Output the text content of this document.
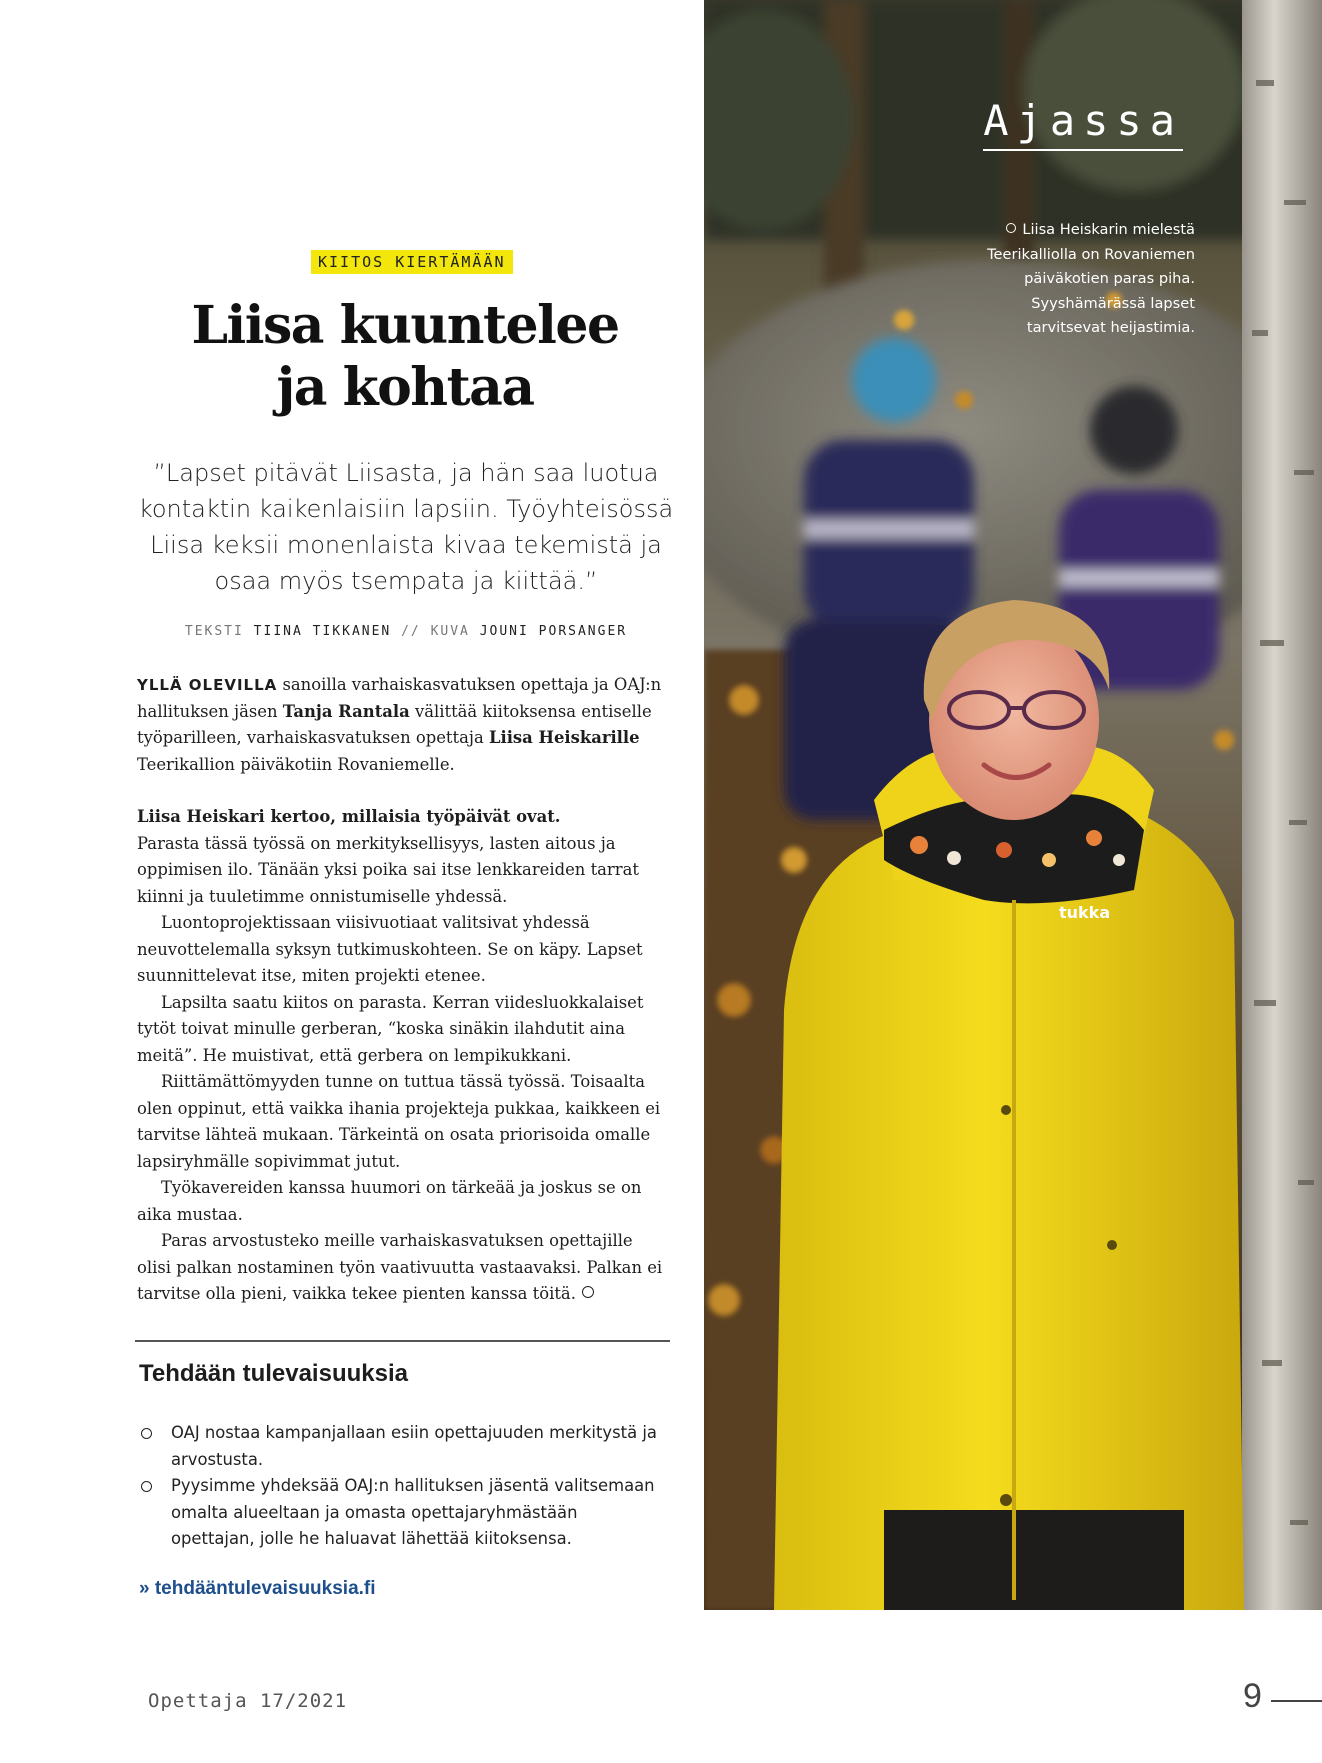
KIITOS KIERTÄMÄÄN
Liisa kuuntelee
ja kohtaa

”Lapset pitävät Liisasta, ja hän saa luotua kontaktin kaikenlaisiin lapsiin. Työyhteisössä Liisa keksii monenlaista kivaa tekemistä ja osaa myös tsempata ja kiittää.”

TEKSTI TIINA TIKKANEN // KUVA JOUNI PORSANGER

YLLÄ OLEVILLA sanoilla varhaiskasvatuksen opettaja ja OAJ:n hallituksen jäsen Tanja Rantala välittää kiitoksensa entiselle työparilleen, varhaiskasvatuksen opettaja Liisa Heiskarille Teerikallion päiväkotiin Rovaniemelle.

Liisa Heiskari kertoo, millaisia työpäivät ovat.

Parasta tässä työssä on merkityksellisyys, lasten aitous ja oppimisen ilo. Tänään yksi poika sai itse lenkkareiden tarrat kiinni ja tuuletimme onnistumiselle yhdessä.

Luontoprojektissaan viisivuotiaat valitsivat yhdessä neuvottelemalla syksyn tutkimuskohteen. Se on käpy. Lapset suunnittelevat itse, miten projekti etenee.

Lapsilta saatu kiitos on parasta. Kerran viidesluokkalaiset tytöt toivat minulle gerberan, “koska sinäkin ilahdutit aina meitä”. He muistivat, että gerbera on lempikukkani.

Riittämättömyyden tunne on tuttua tässä työssä. Toisaalta olen oppinut, että vaikka ihania projekteja pukkaa, kaikkeen ei tarvitse lähteä mukaan. Tärkeintä on osata priorisoida omalle lapsiryhmälle sopivimmat jutut.

Työkavereiden kanssa huumori on tärkeää ja joskus se on aika mustaa.

Paras arvostusteko meille varhaiskasvatuksen opettajille olisi palkan nostaminen työn vaativuutta vastaavaksi. Palkan ei tarvitse olla pieni, vaikka tekee pienten kanssa töitä.

Tehdään tulevaisuuksia
OAJ nostaa kampanjallaan esiin opettajuuden merkitystä ja arvostusta.
Pyysimme yhdeksää OAJ:n hallituksen jäsentä valitsemaan omalta alueeltaan ja omasta opettajaryhmästään opettajan, jolle he haluavat lähettää kiitoksensa.
» tehdääntulevaisuuksia.fi
Opettaja 17/2021	9
tukka
Ajassa

Liisa Heiskarin mielestä Teerikalliolla on Rovaniemen päiväkotien paras piha. Syyshämärässä lapset tarvitsevat heijastimia.
